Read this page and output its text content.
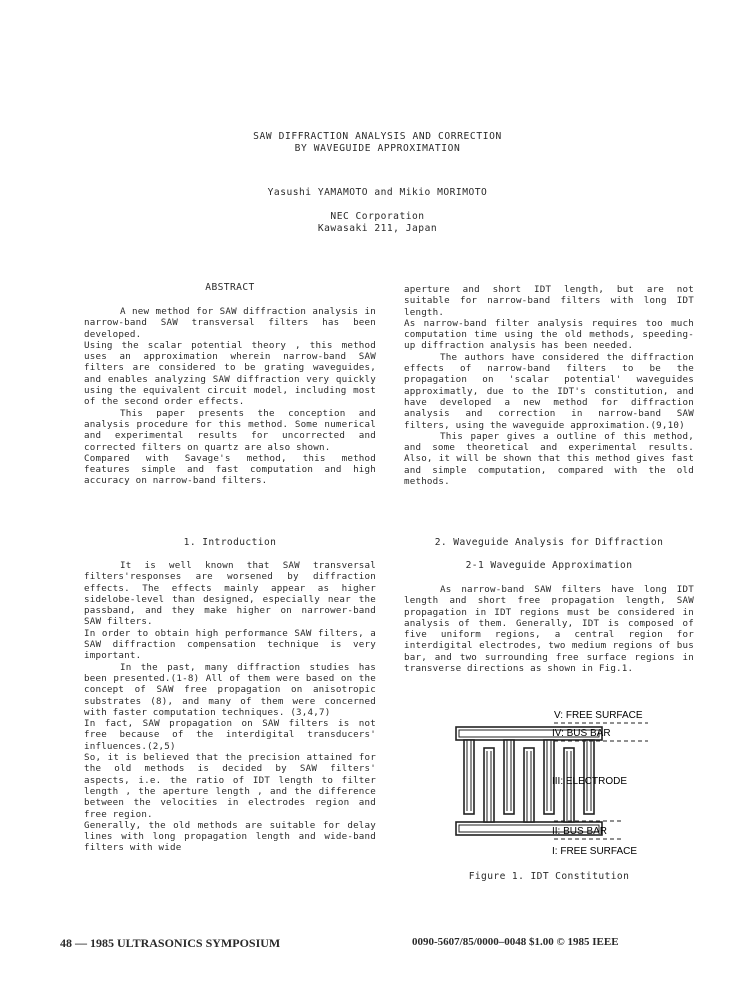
SAW DIFFRACTION ANALYSIS AND CORRECTION
BY WAVEGUIDE APPROXIMATION
Yasushi YAMAMOTO and Mikio MORIMOTO
NEC Corporation
Kawasaki 211, Japan
ABSTRACT

A new method for SAW diffraction analysis in narrow-band SAW transversal filters has been developed.

Using the scalar potential theory , this method uses an approximation wherein narrow-band SAW filters are considered to be grating waveguides, and enables analyzing SAW diffraction very quickly using the equivalent circuit model, including most of the second order effects.

This paper presents the conception and analysis procedure for this method. Some numerical and experimental results for uncorrected and corrected filters on quartz are also shown.

Compared with Savage's method, this method features simple and fast computation and high accuracy on narrow-band filters.

1. Introduction

It is well known that SAW transversal filters'responses are worsened by diffraction effects. The effects mainly appear as higher sidelobe-level than designed, especially near the passband, and they make higher on narrower-band SAW filters.

In order to obtain high performance SAW filters, a SAW diffraction compensation technique is very important.

In the past, many diffraction studies has been presented.(1-8) All of them were based on the concept of SAW free propagation on anisotropic substrates (8), and many of them were concerned with faster computation techniques. (3,4,7)

In fact, SAW propagation on SAW filters is not free because of the interdigital transducers' influences.(2,5)

So, it is believed that the precision attained for the old methods is decided by SAW filters' aspects, i.e. the ratio of IDT length to filter length , the aperture length , and the difference between the velocities in electrodes region and free region.

Generally, the old methods are suitable for delay lines with long propagation length and wide-band filters with wide

aperture and short IDT length, but are not suitable for narrow-band filters with long IDT length.

As narrow-band filter analysis requires too much computation time using the old methods, speeding-up diffraction analysis has been needed.

The authors have considered the diffraction effects of narrow-band filters to be the propagation on 'scalar potential' waveguides approximatly, due to the IDT's constitution, and have developed a new method for diffraction analysis and correction in narrow-band SAW filters, using the waveguide approximation.(9,10)

This paper gives a outline of this method, and some theoretical and experimental results. Also, it will be shown that this method gives fast and simple computation, compared with the old methods.

2. Waveguide Analysis for Diffraction
2-1 Waveguide Approximation

As narrow-band SAW filters have long IDT length and short free propagation length, SAW propagation in IDT regions must be considered in analysis of them. Generally, IDT is composed of five uniform regions, a central region for interdigital electrodes, two medium regions of bus bar, and two surrounding free surface regions in transverse directions as shown in Fig.1.

V: FREE SURFACE
IV: BUS BAR
III: ELECTRODE
II: BUS BAR
I: FREE SURFACE
Figure 1. IDT Constitution
48 — 1985 ULTRASONICS SYMPOSIUM	0090-5607/85/0000–0048 $1.00 © 1985 IEEE
